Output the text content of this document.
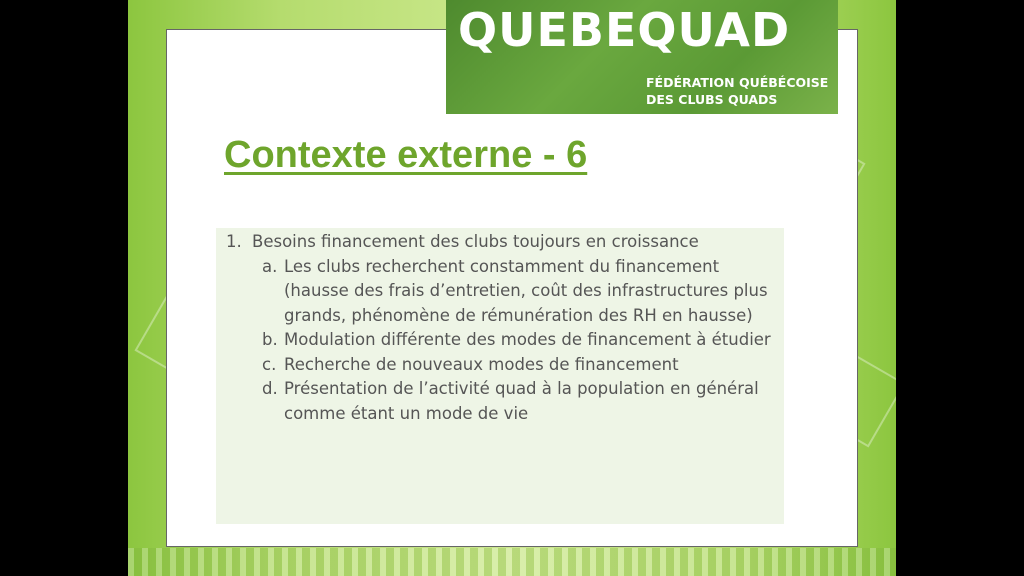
QUEBEQUAD
FÉDÉRATION QUÉBÉCOISE
DES CLUBS QUADS
Contexte externe - 6
1. Besoins financement des clubs toujours en croissance
a. Les clubs recherchent constamment du financement (hausse des frais d’entretien, coût des infrastructures plus grands, phénomène de rémunération des RH en hausse)
b. Modulation différente des modes de financement à étudier
c. Recherche de nouveaux modes de financement
d. Présentation de l’activité quad à la population en général comme étant un mode de vie
